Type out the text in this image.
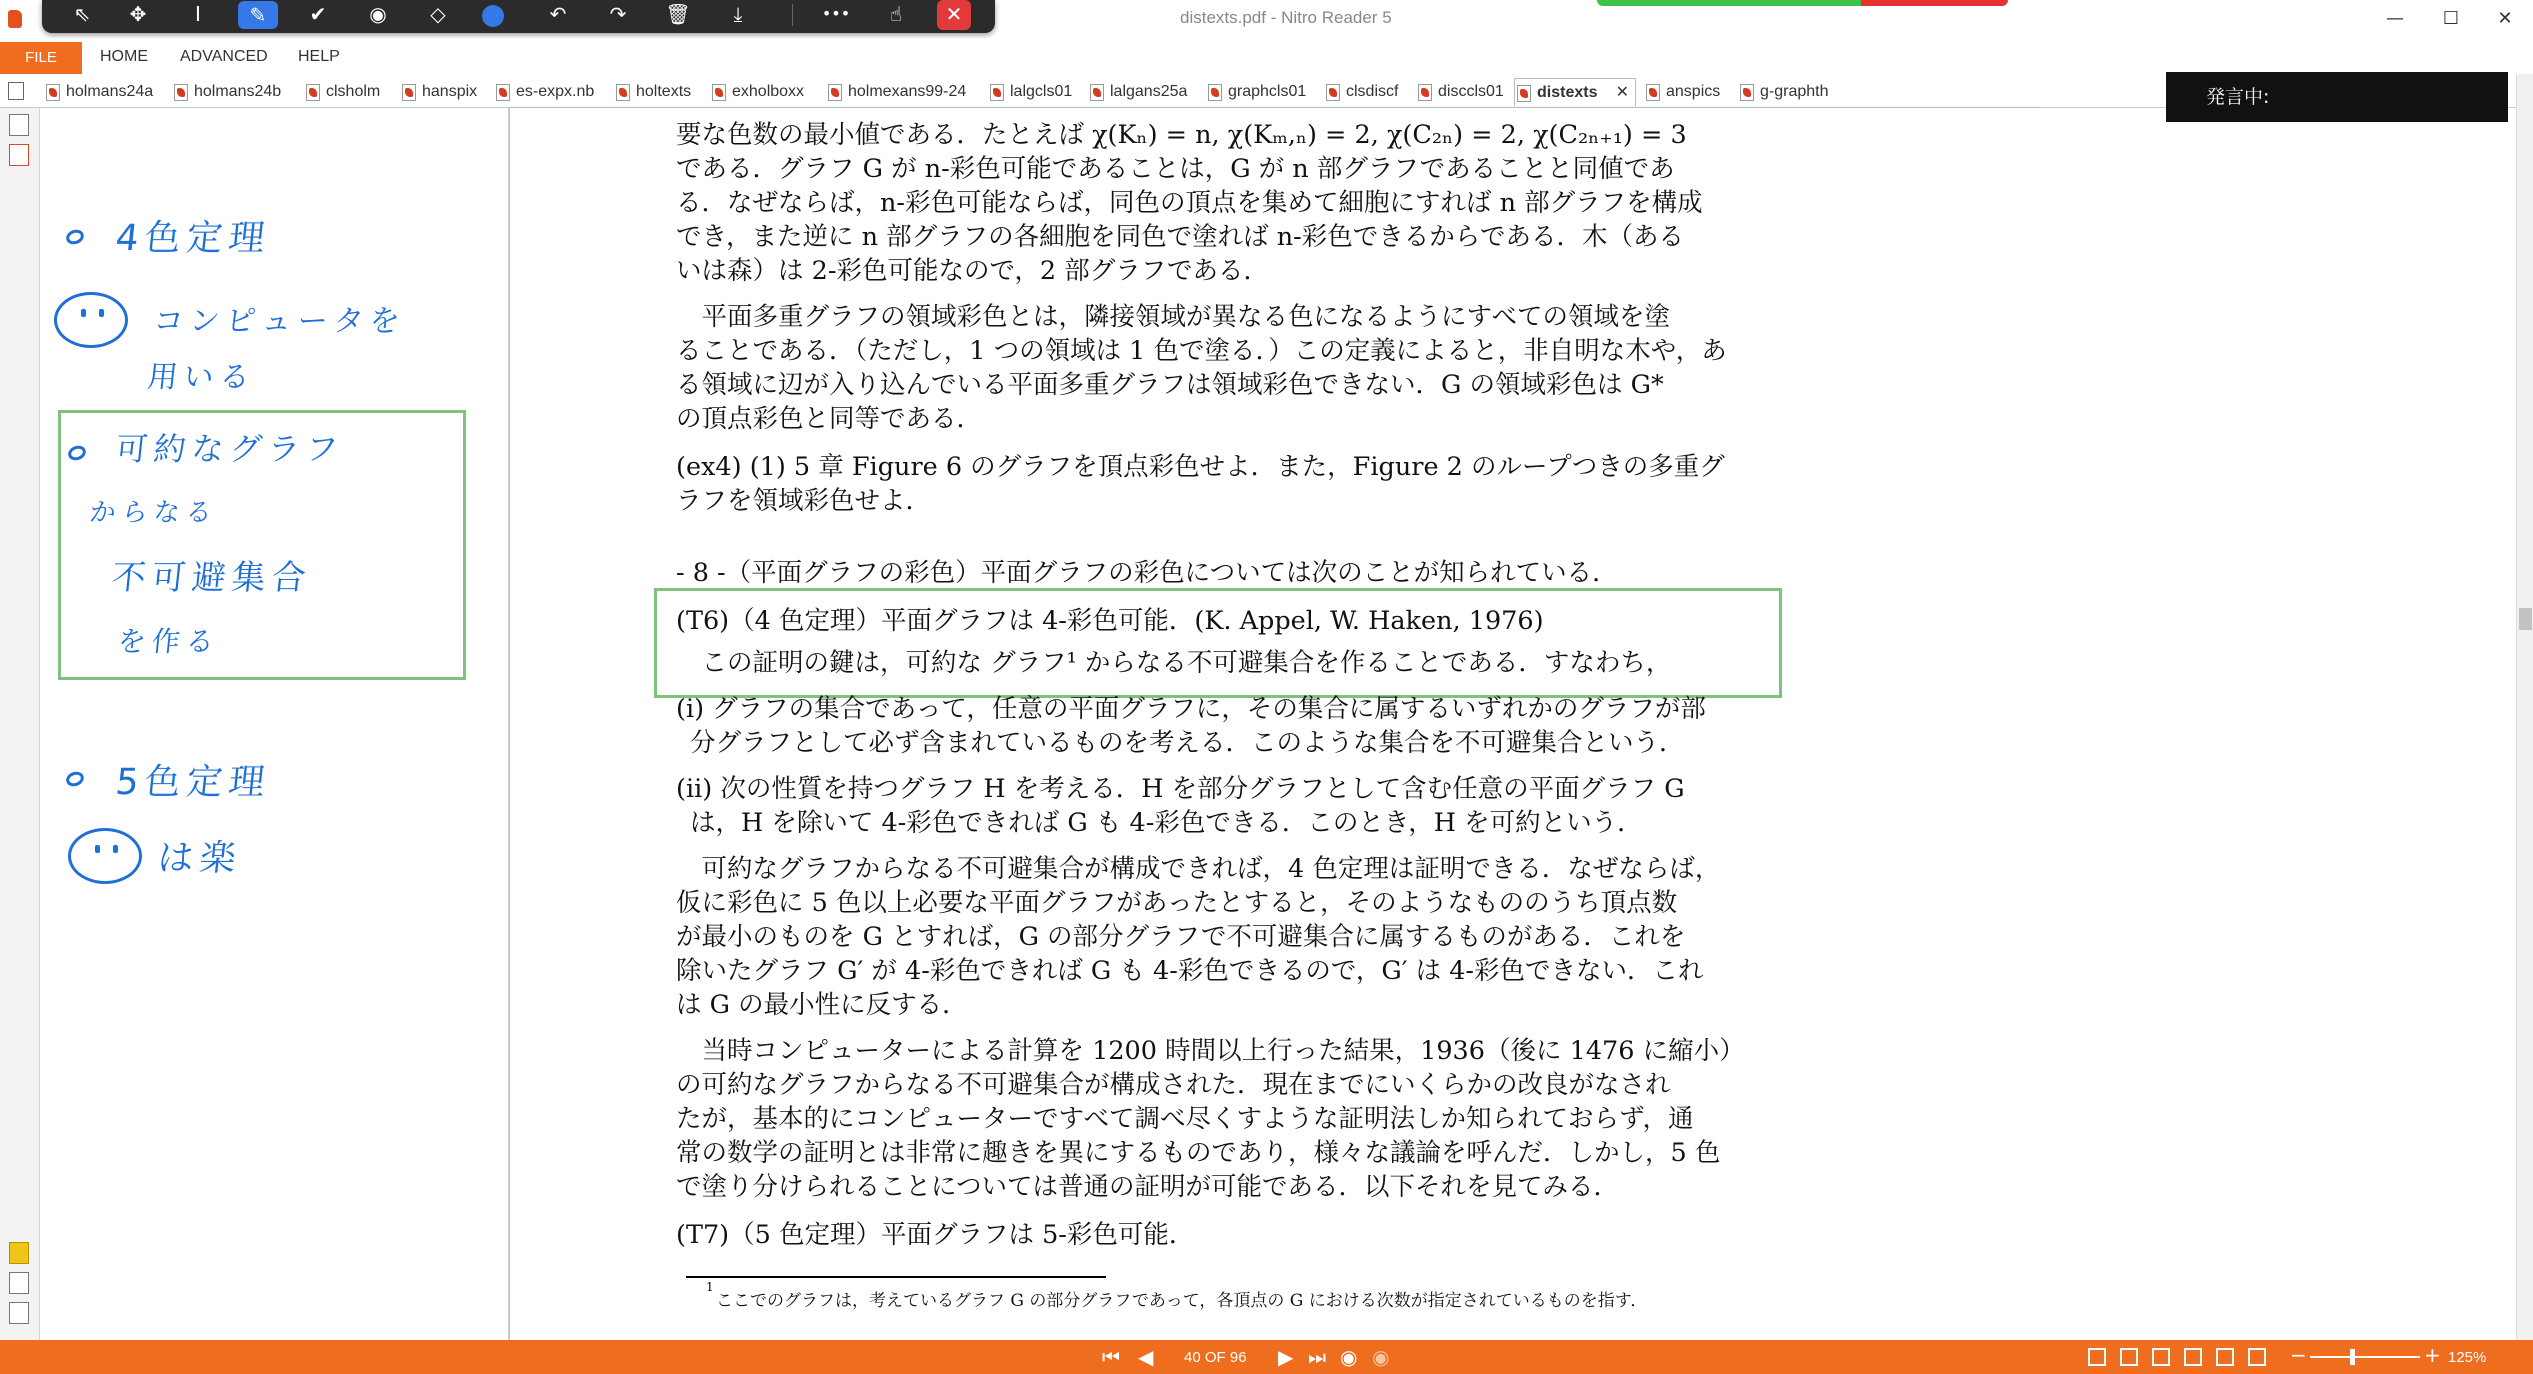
distexts.pdf - Nitro Reader 5	—	☐	✕
⇖	✥	I	✎	✔	◉	◇	↶	↷	🗑	⤓	•••	☝	✕
FILE	HOME ADVANCED HELP
holmans24a	holmans24b	clsholm	hanspix	es-expx.nb	holtexts	exholboxx	holmexans99-24	lalgcls01	lalgans25a	graphcls01	clsdiscf	disccls01	distexts ✕	anspics	g-graphth
4色定理
コンピュータを
用いる
可約なグラフ
からなる
不可避集合
を作る
5色定理
は楽
要な色数の最小値である．たとえば χ(Kₙ) = n, χ(Kₘ,ₙ) = 2, χ(C₂ₙ) = 2, χ(C₂ₙ₊₁) = 3
である．グラフ G が n-彩色可能であることは，G が n 部グラフであることと同値であ
る．なぜならば，n-彩色可能ならば，同色の頂点を集めて細胞にすれば n 部グラフを構成
でき，また逆に n 部グラフの各細胞を同色で塗れば n-彩色できるからである．木（ある
いは森）は 2-彩色可能なので，2 部グラフである．
　平面多重グラフの領域彩色とは，隣接領域が異なる色になるようにすべての領域を塗
ることである．（ただし，1 つの領域は 1 色で塗る．）この定義によると，非自明な木や，あ
る領域に辺が入り込んでいる平面多重グラフは領域彩色できない．G の領域彩色は G*
の頂点彩色と同等である．
(ex4) (1) 5 章 Figure 6 のグラフを頂点彩色せよ．また，Figure 2 のループつきの多重グ
ラフを領域彩色せよ．
- 8 -（平面グラフの彩色）平面グラフの彩色については次のことが知られている．
(T6)（4 色定理）平面グラフは 4-彩色可能．(K. Appel, W. Haken, 1976)
　この証明の鍵は，可約な グラフ¹ からなる不可避集合を作ることである．すなわち，
(i) グラフの集合であって，任意の平面グラフに，その集合に属するいずれかのグラフが部
分グラフとして必ず含まれているものを考える．このような集合を不可避集合という．
(ii) 次の性質を持つグラフ H を考える．H を部分グラフとして含む任意の平面グラフ G
は，H を除いて 4-彩色できれば G も 4-彩色できる．このとき，H を可約という．
　可約なグラフからなる不可避集合が構成できれば，4 色定理は証明できる．なぜならば，
仮に彩色に 5 色以上必要な平面グラフがあったとすると，そのようなもののうち頂点数
が最小のものを G とすれば，G の部分グラフで不可避集合に属するものがある．これを
除いたグラフ G′ が 4-彩色できれば G も 4-彩色できるので，G′ は 4-彩色できない．これ
は G の最小性に反する．
　当時コンピューターによる計算を 1200 時間以上行った結果，1936（後に 1476 に縮小）
の可約なグラフからなる不可避集合が構成された．現在までにいくらかの改良がなされ
たが，基本的にコンピューターですべて調べ尽くすような証明法しか知られておらず，通
常の数学の証明とは非常に趣きを異にするものであり，様々な議論を呼んだ．しかし，5 色
で塗り分けられることについては普通の証明が可能である．以下それを見てみる．
(T7)（5 色定理）平面グラフは 5-彩色可能．
1
ここでのグラフは，考えているグラフ G の部分グラフであって，各頂点の G における次数が指定されているものを指す．
発言中:
⏮ ◀ 40 OF 96 ▶ ⏭ ◉ ◉	−	+ 125%
